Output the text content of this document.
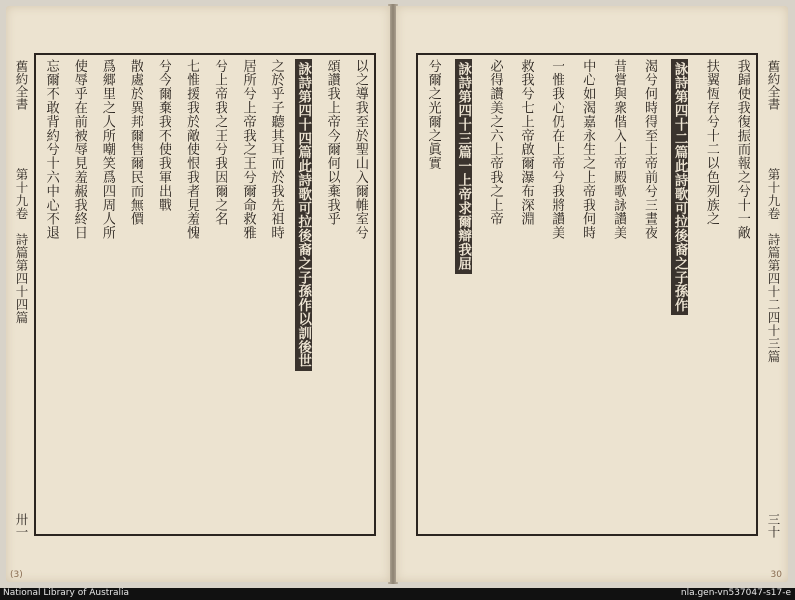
舊約全書
第十九卷　詩篇第四十四篇
卅一
以之導我至於聖山入爾帷室兮
頌讚我上帝今爾何以棄我乎
詠詩第四十四篇此詩歌可拉後裔之子孫作以訓後世
之於乎子聽其耳而於我先祖時
居所兮上帝我之王兮爾命救雅
兮上帝我之王兮我因爾之名
七惟援我於敵使恨我者見羞愧
兮今爾棄我不使我軍出戰
散處於異邦爾售爾民而無價
爲郷里之人所嘲笑爲四周人所
使辱乎在前被辱見羞赧我終日
忘爾不敢背約兮十六中心不退
(3)
舊約全書
第十九卷　詩篇第四十二四十三篇
三十
我歸使我復振而報之兮十一敵
扶翼恆存兮十二以色列族之
詠詩第四十二篇此詩歌可拉後裔之子孫作
渴兮何時得至上帝前兮三晝夜
昔嘗與衆偕入上帝殿歌詠讚美
中心如渴嘉永生之上帝我何時
一惟我心仍在上帝兮我將讚美
救我兮七上帝啟爾瀑布深淵
必得讚美之六上帝我之上帝
詠詩第四十三篇一上帝求爾辯我屈
兮爾之光爾之眞實
30
National Library of Australia	nla.gen-vn537047-s17-e
